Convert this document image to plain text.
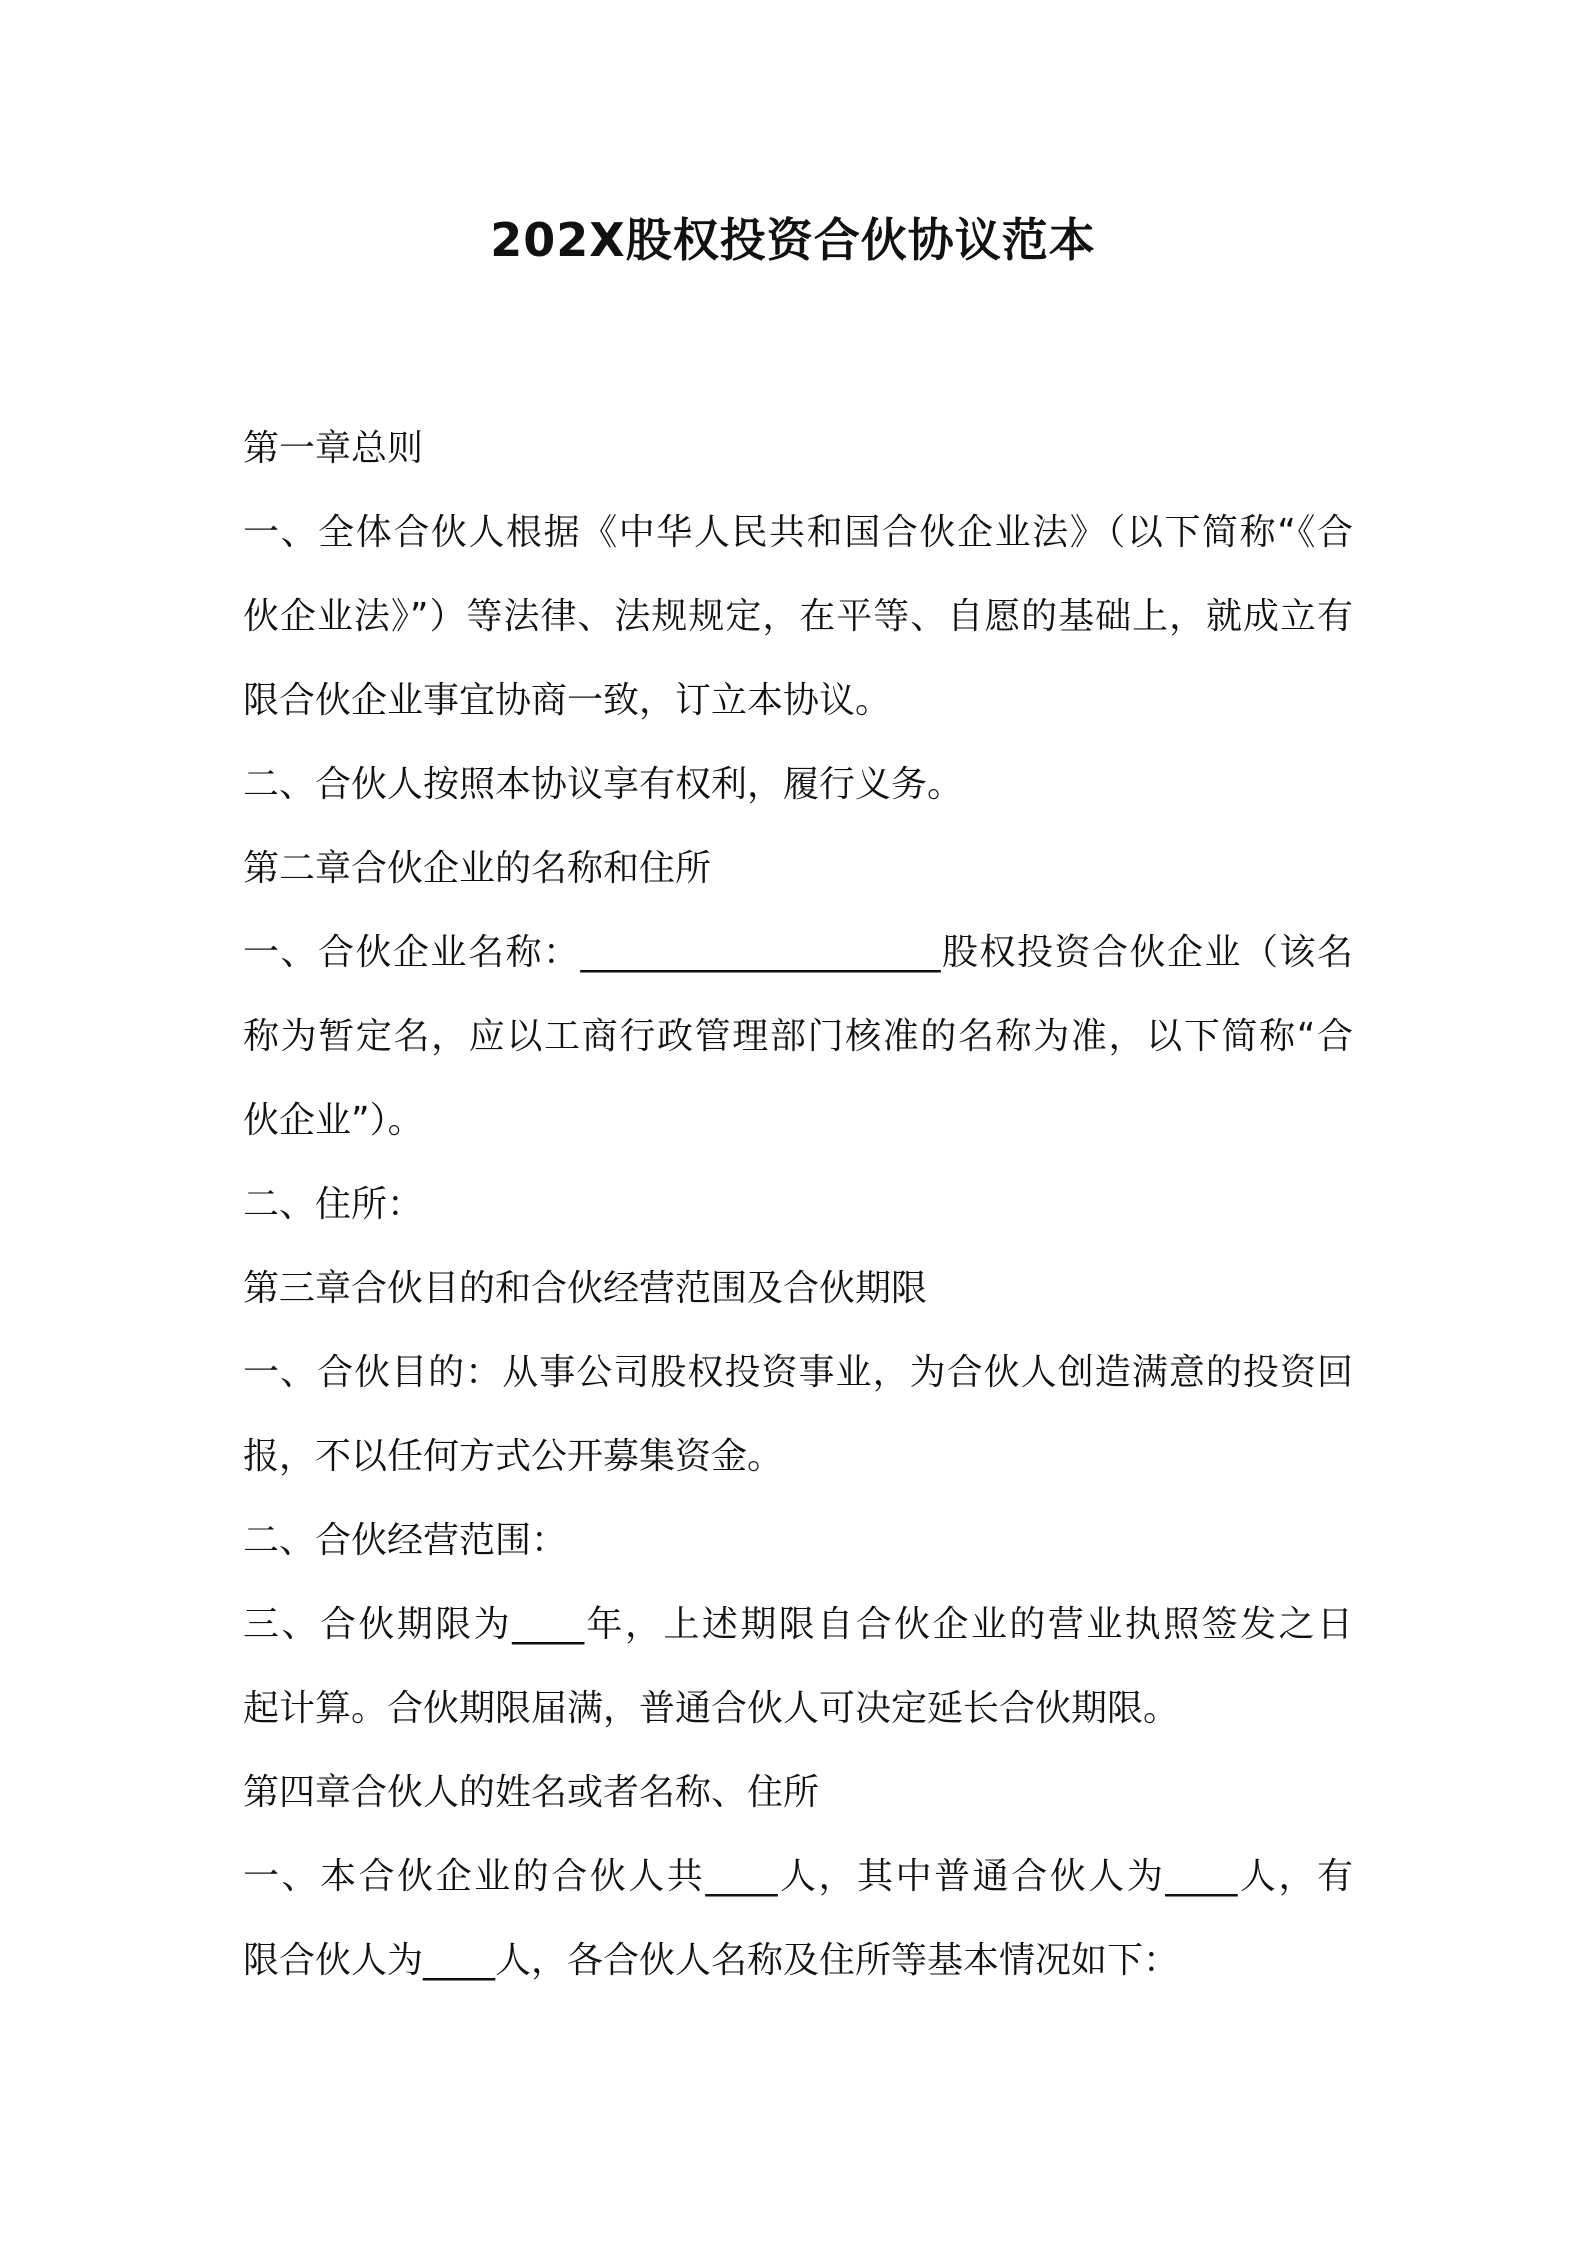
202X股权投资合伙协议范本
第一章总则
一、全体合伙人根据《中华人民共和国合伙企业法》（以下简称“《合
伙企业法》”）等法律、法规规定，在平等、自愿的基础上，就成立有
限合伙企业事宜协商一致，订立本协议。
二、合伙人按照本协议享有权利，履行义务。
第二章合伙企业的名称和住所
一、合伙企业名称：____________________股权投资合伙企业（该名
称为暂定名，应以工商行政管理部门核准的名称为准，以下简称“合
伙企业”）。
二、住所：
第三章合伙目的和合伙经营范围及合伙期限
一、合伙目的：从事公司股权投资事业，为合伙人创造满意的投资回
报，不以任何方式公开募集资金。
二、合伙经营范围：
三、合伙期限为____年，上述期限自合伙企业的营业执照签发之日
起计算。合伙期限届满，普通合伙人可决定延长合伙期限。
第四章合伙人的姓名或者名称、住所
一、本合伙企业的合伙人共____人，其中普通合伙人为____人，有
限合伙人为____人，各合伙人名称及住所等基本情况如下：
